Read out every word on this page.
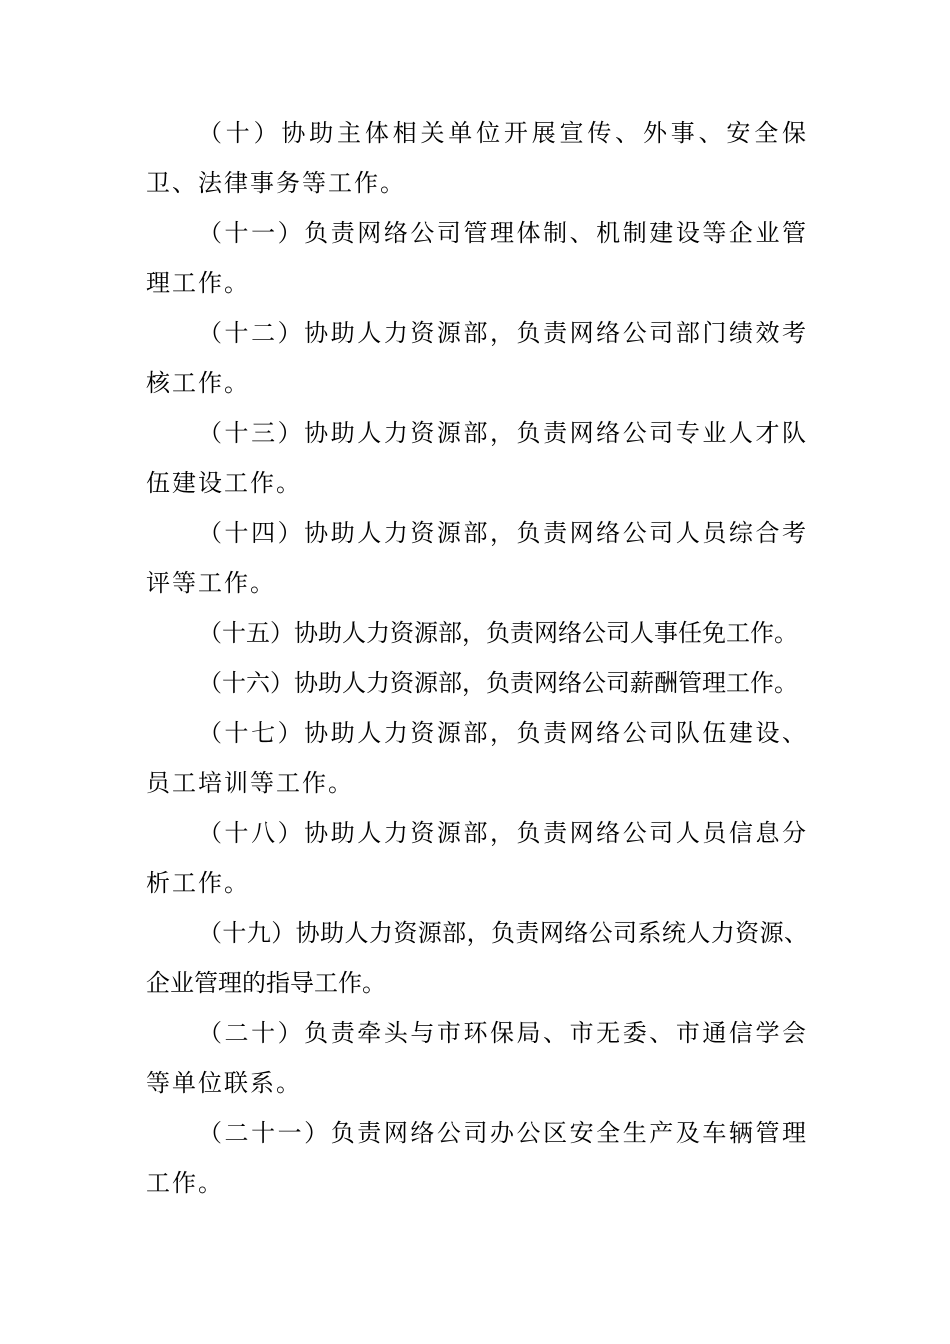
（十）协助主体相关单位开展宣传、外事、安全保卫、法律事务等工作。

（十一）负责网络公司管理体制、机制建设等企业管理工作。

（十二）协助人力资源部，负责网络公司部门绩效考核工作。

（十三）协助人力资源部，负责网络公司专业人才队伍建设工作。

（十四）协助人力资源部，负责网络公司人员综合考评等工作。

（十五）协助人力资源部，负责网络公司人事任免工作。

（十六）协助人力资源部，负责网络公司薪酬管理工作。

（十七）协助人力资源部，负责网络公司队伍建设、员工培训等工作。

（十八）协助人力资源部，负责网络公司人员信息分析工作。

（十九）协助人力资源部，负责网络公司系统人力资源、企业管理的指导工作。

（二十）负责牵头与市环保局、市无委、市通信学会等单位联系。

（二十一）负责网络公司办公区安全生产及车辆管理工作。
